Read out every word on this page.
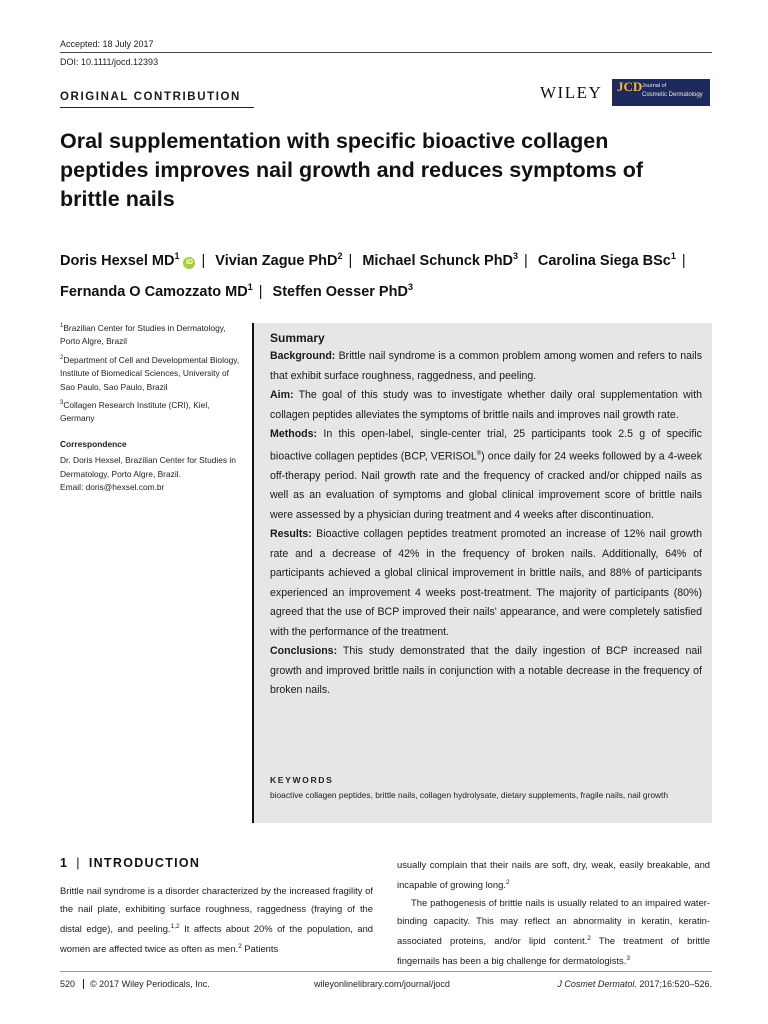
Accepted: 18 July 2017
DOI: 10.1111/jocd.12393
ORIGINAL CONTRIBUTION	WILEY JCD Journal of
Cosmetic Dermatology
Oral supplementation with specific bioactive collagen peptides improves nail growth and reduces symptoms of brittle nails
Doris Hexsel $MD^1$ iD | Vivian Zague PhD$^2$ | Michael Schunck PhD$^3$ | Carolina Siega BSc$^1$ | Fernanda O Camozzato $MD^1$ | Steffen Oesser PhD$^3$

$^1$Brazilian Center for Studies in Dermatology, Porto Algre, Brazil

$^2$Department of Cell and Developmental Biology, Institute of Biomedical Sciences, University of Sao Paulo, Sao Paulo, Brazil

$^3$Collagen Research Institute (CRI), Kiel, Germany

Correspondence

Dr. Doris Hexsel, Brazilian Center for Studies in Dermatology, Porto Algre, Brazil.

Email: doris@hexsel.com.br

Summary

Background: Brittle nail syndrome is a common problem among women and refers to nails that exhibit surface roughness, raggedness, and peeling.

Aim: The goal of this study was to investigate whether daily oral supplementation with collagen peptides alleviates the symptoms of brittle nails and improves nail growth rate.

Methods: In this open-label, single-center trial, 25 participants took 2.5 g of specific bioactive collagen peptides (BCP, VERISOL®) once daily for 24 weeks followed by a 4-week off-therapy period. Nail growth rate and the frequency of cracked and/or chipped nails as well as an evaluation of symptoms and global clinical improvement score of brittle nails were assessed by a physician during treatment and 4 weeks after discontinuation.

Results: Bioactive collagen peptides treatment promoted an increase of 12% nail growth rate and a decrease of 42% in the frequency of broken nails. Additionally, 64% of participants achieved a global clinical improvement in brittle nails, and 88% of participants experienced an improvement 4 weeks post-treatment. The majority of participants (80%) agreed that the use of BCP improved their nails' appearance, and were completely satisfied with the performance of the treatment.

Conclusions: This study demonstrated that the daily ingestion of BCP increased nail growth and improved brittle nails in conjunction with a notable decrease in the frequency of broken nails.

KEYWORDS
bioactive collagen peptides, brittle nails, collagen hydrolysate, dietary supplements, fragile nails, nail growth
1 | INTRODUCTION

Brittle nail syndrome is a disorder characterized by the increased fragility of the nail plate, exhibiting surface roughness, raggedness (fraying of the distal edge), and peeling.$^{1,2}$ It affects about 20% of the population, and women are affected twice as often as men.$^2$ Patients

usually complain that their nails are soft, dry, weak, easily breakable, and incapable of growing long.$^2$

The pathogenesis of brittle nails is usually related to an impaired water-binding capacity. This may reflect an abnormality in keratin, keratin-associated proteins, and/or lipid content.$^2$ The treatment of brittle fingernails has been a big challenge for dermatologists.$^3$

520 © 2017 Wiley Periodicals, Inc.	wileyonlinelibrary.com/journal/jocd	J Cosmet Dermatol. 2017;16:520–526.
